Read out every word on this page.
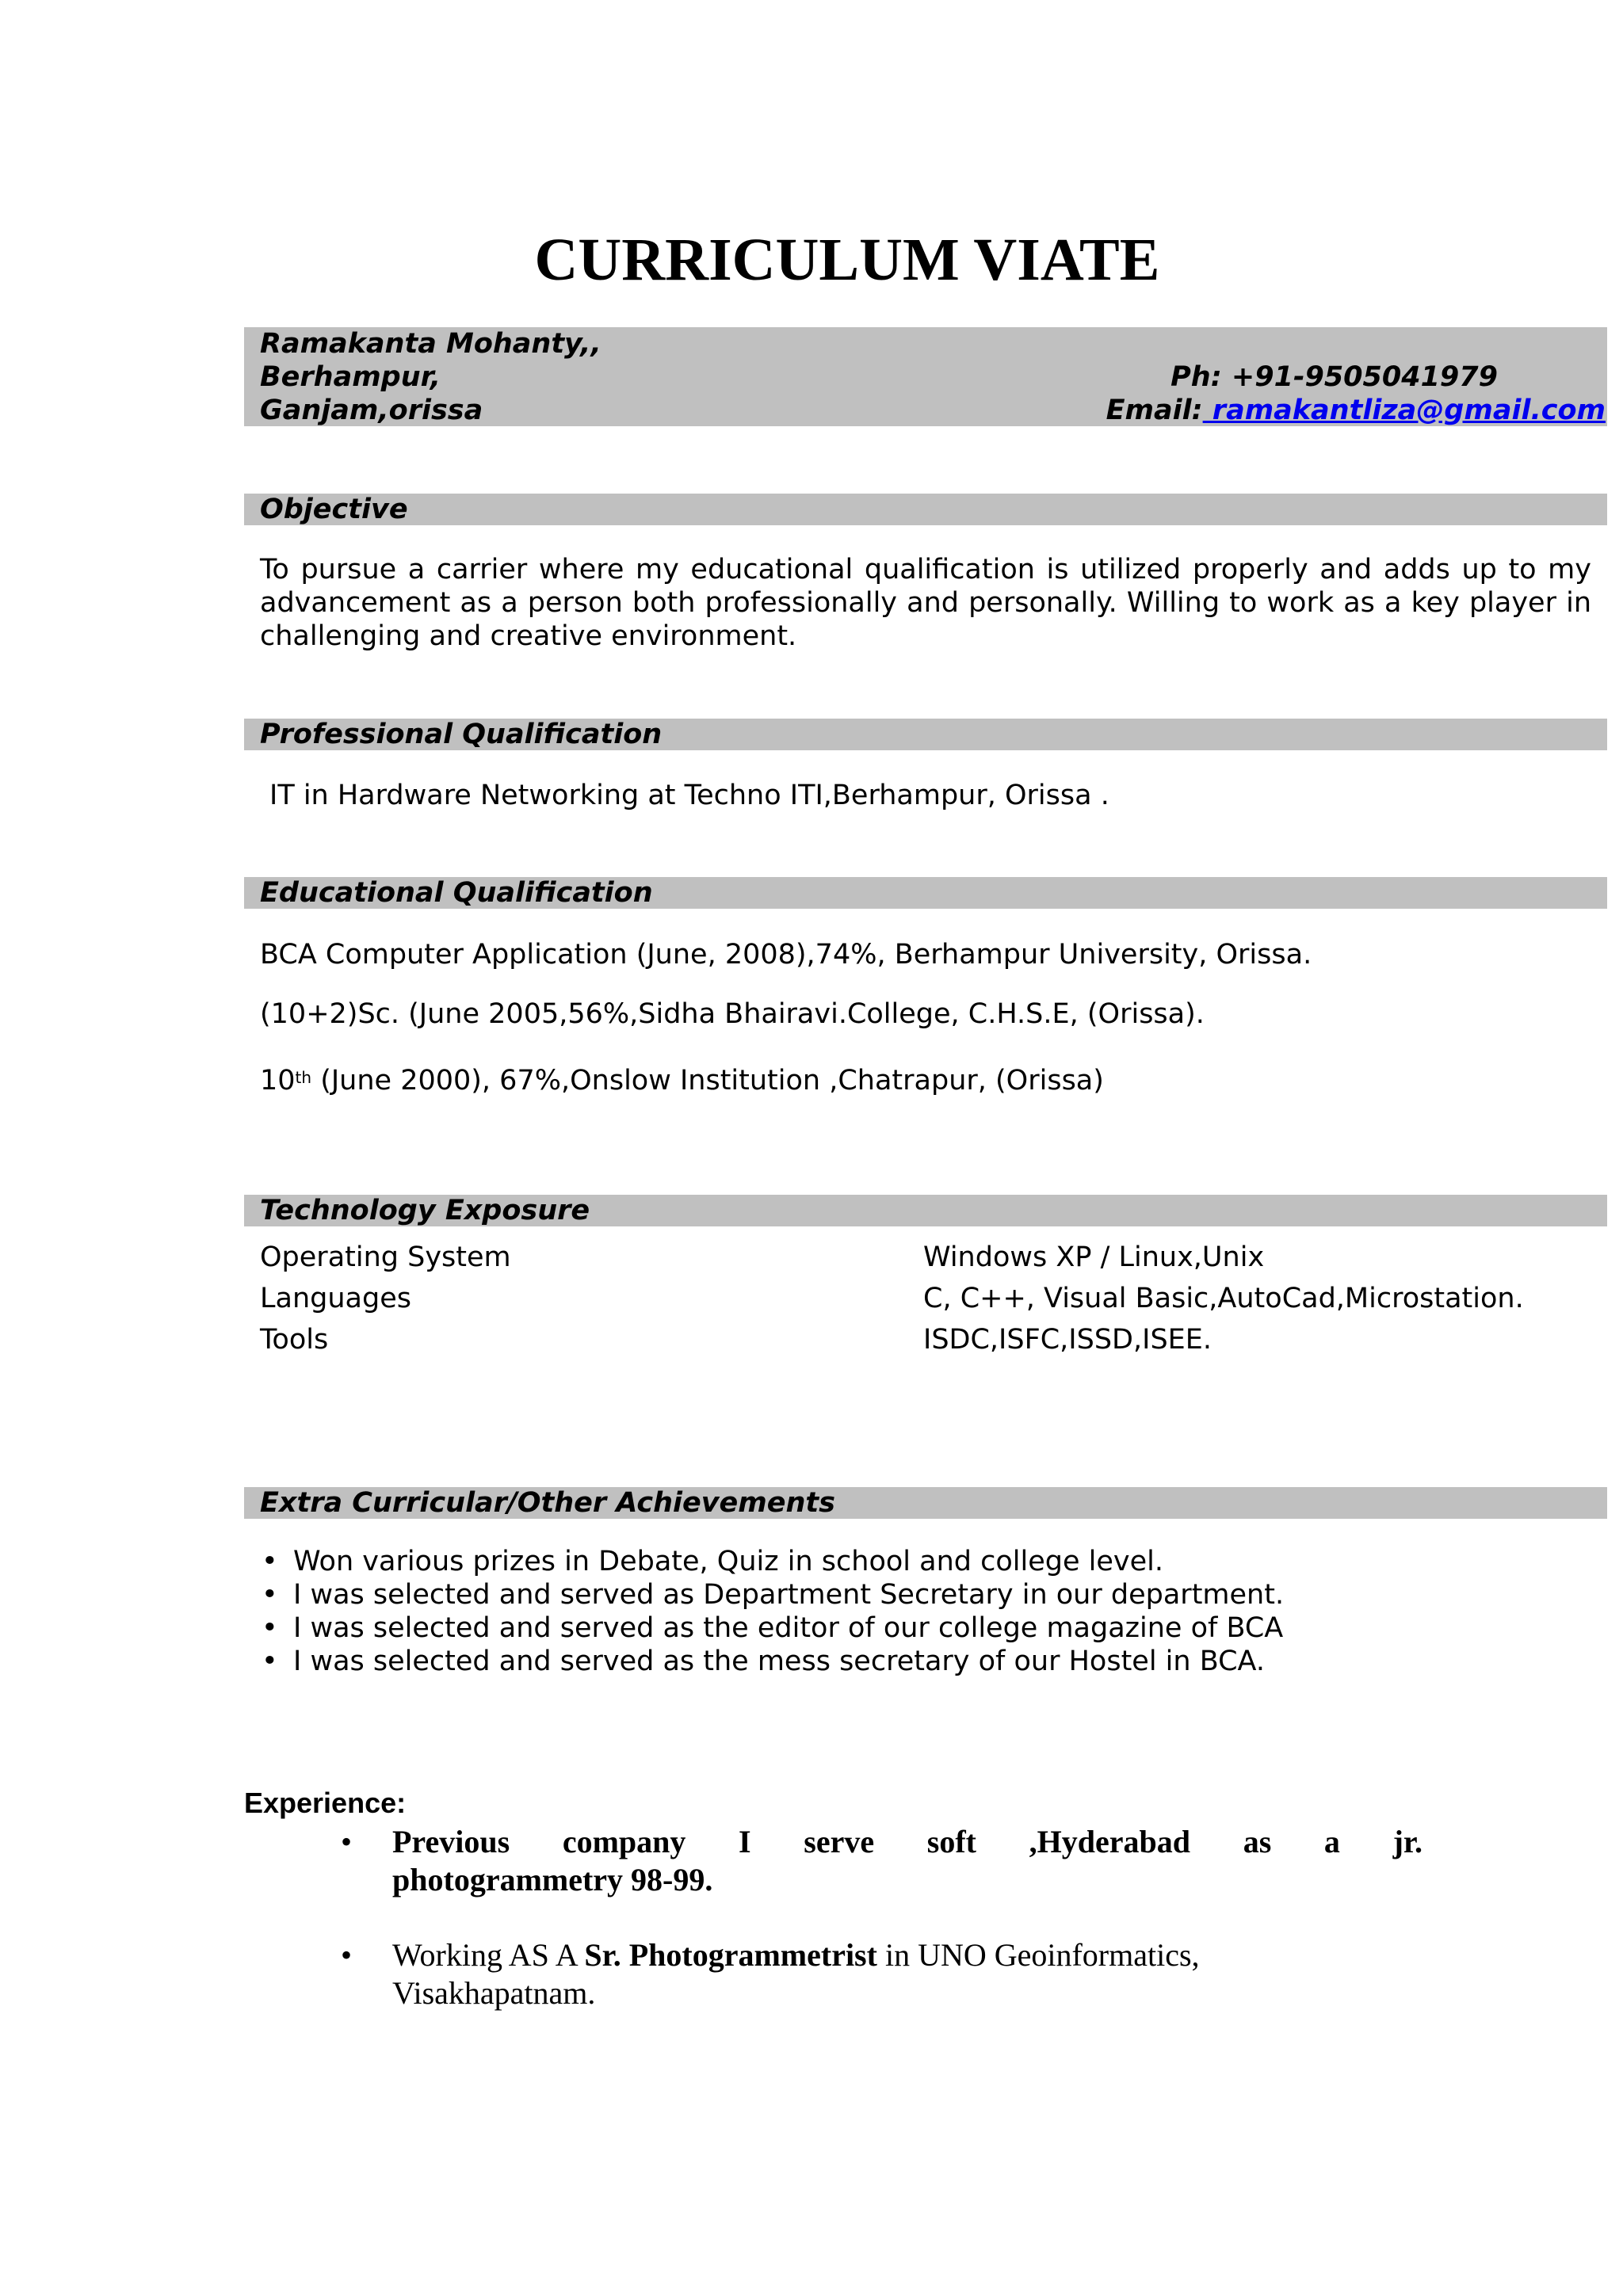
CURRICULUM VIATE
Ramakanta Mohanty,,
Berhampur,
Ganjam,orissa
Ph: +91-9505041979
Email: ramakantliza@gmail.com
Objective
To pursue a carrier where my educational qualification is utilized properly and adds up to my
advancement as a person both professionally and personally. Willing to work as a key player in
challenging and creative environment.
Professional Qualification
IT in Hardware Networking at Techno ITI,Berhampur, Orissa .
Educational Qualification
BCA Computer Application (June, 2008),74%, Berhampur University, Orissa.
(10+2)Sc. (June 2005,56%,Sidha Bhairavi.College, C.H.S.E, (Orissa).
10th (June 2000), 67%,Onslow Institution ,Chatrapur, (Orissa)
Technology Exposure
Operating System	Windows XP / Linux,Unix
Languages	C, C++, Visual Basic,AutoCad,Microstation.
Tools	ISDC,ISFC,ISSD,ISEE.
Extra Curricular/Other Achievements
• Won various prizes in Debate, Quiz in school and college level.
• I was selected and served as Department Secretary in our department.
• I was selected and served as the editor of our college magazine of BCA
• I was selected and served as the mess secretary of our Hostel in BCA.
Experience:
• Previous company I serve soft ,Hyderabad as a jr.
photogrammetry 98-99.
• Working AS A Sr. Photogrammetrist in UNO Geoinformatics,
Visakhapatnam.
